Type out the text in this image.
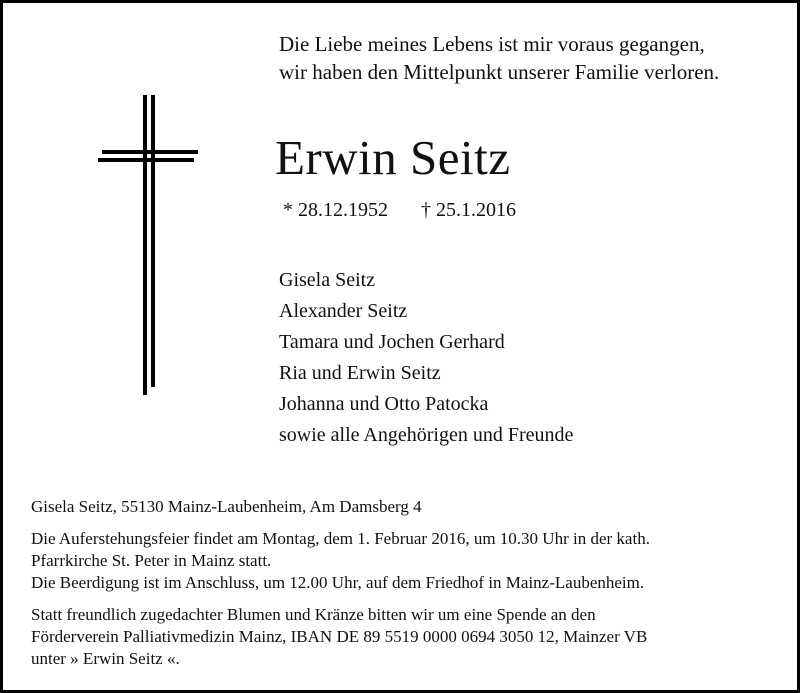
Die Liebe meines Lebens ist mir voraus gegangen,
wir haben den Mittelpunkt unserer Familie verloren.
Erwin Seitz
* 28.12.1952 † 25.1.2016
Gisela Seitz
Alexander Seitz
Tamara und Jochen Gerhard
Ria und Erwin Seitz
Johanna und Otto Patocka
sowie alle Angehörigen und Freunde
Gisela Seitz, 55130 Mainz-Laubenheim, Am Damsberg 4
Die Auferstehungsfeier findet am Montag, dem 1. Februar 2016, um 10.30 Uhr in der kath.
Pfarrkirche St. Peter in Mainz statt.
Die Beerdigung ist im Anschluss, um 12.00 Uhr, auf dem Friedhof in Mainz-Laubenheim.
Statt freundlich zugedachter Blumen und Kränze bitten wir um eine Spende an den
Förderverein Palliativmedizin Mainz, IBAN DE 89 5519 0000 0694 3050 12, Mainzer VB
unter » Erwin Seitz «.
